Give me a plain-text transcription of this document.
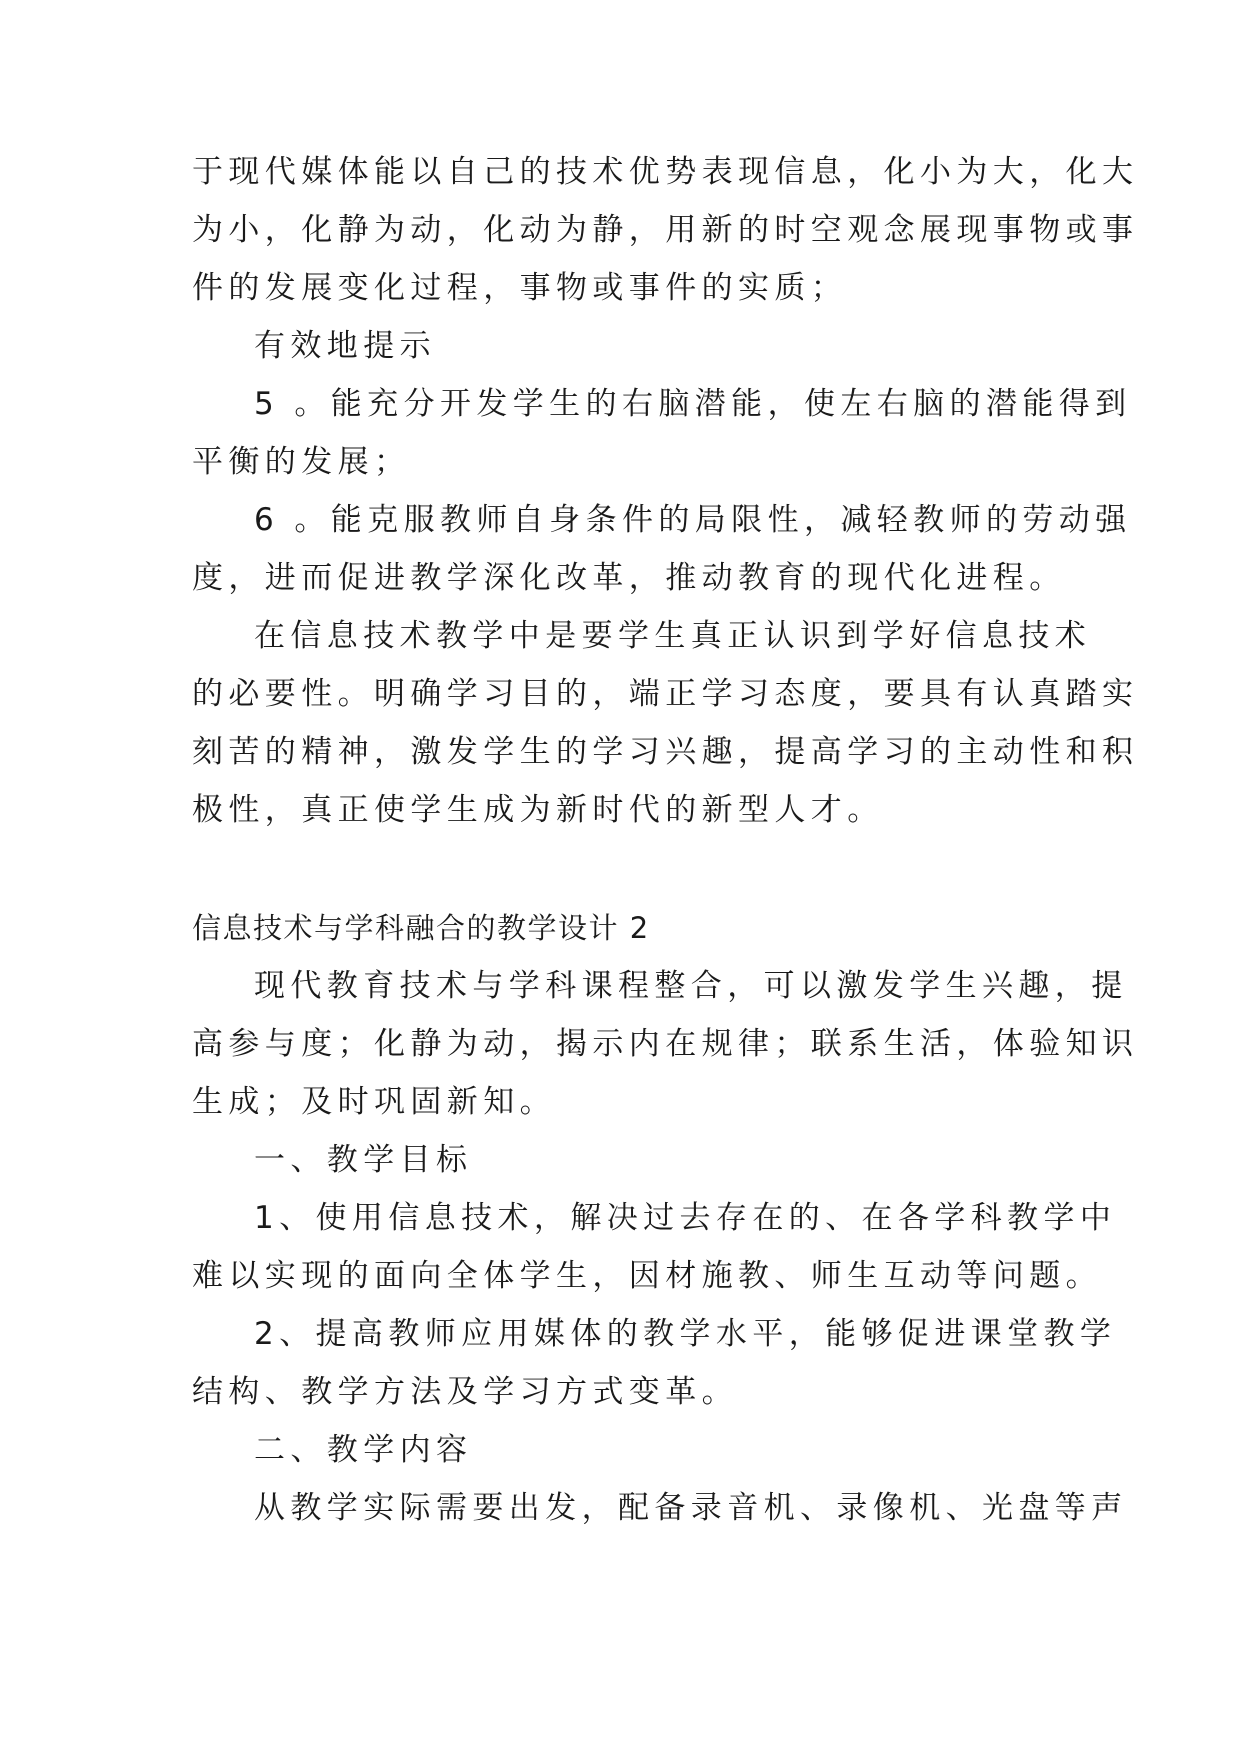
于现代媒体能以自己的技术优势表现信息，化小为大，化大
为小，化静为动，化动为静，用新的时空观念展现事物或事
件的发展变化过程，事物或事件的实质；
有效地提示
5 。能充分开发学生的右脑潜能，使左右脑的潜能得到
平衡的发展；
6 。能克服教师自身条件的局限性，减轻教师的劳动强
度，进而促进教学深化改革，推动教育的现代化进程。
在信息技术教学中是要学生真正认识到学好信息技术
的必要性。明确学习目的，端正学习态度，要具有认真踏实
刻苦的精神，激发学生的学习兴趣，提高学习的主动性和积
极性，真正使学生成为新时代的新型人才。
信息技术与学科融合的教学设计 2
现代教育技术与学科课程整合，可以激发学生兴趣，提
高参与度；化静为动，揭示内在规律；联系生活，体验知识
生成；及时巩固新知。
一、教学目标
1、使用信息技术，解决过去存在的、在各学科教学中
难以实现的面向全体学生，因材施教、师生互动等问题。
2、提高教师应用媒体的教学水平，能够促进课堂教学
结构、教学方法及学习方式变革。
二、教学内容
从教学实际需要出发，配备录音机、录像机、光盘等声
